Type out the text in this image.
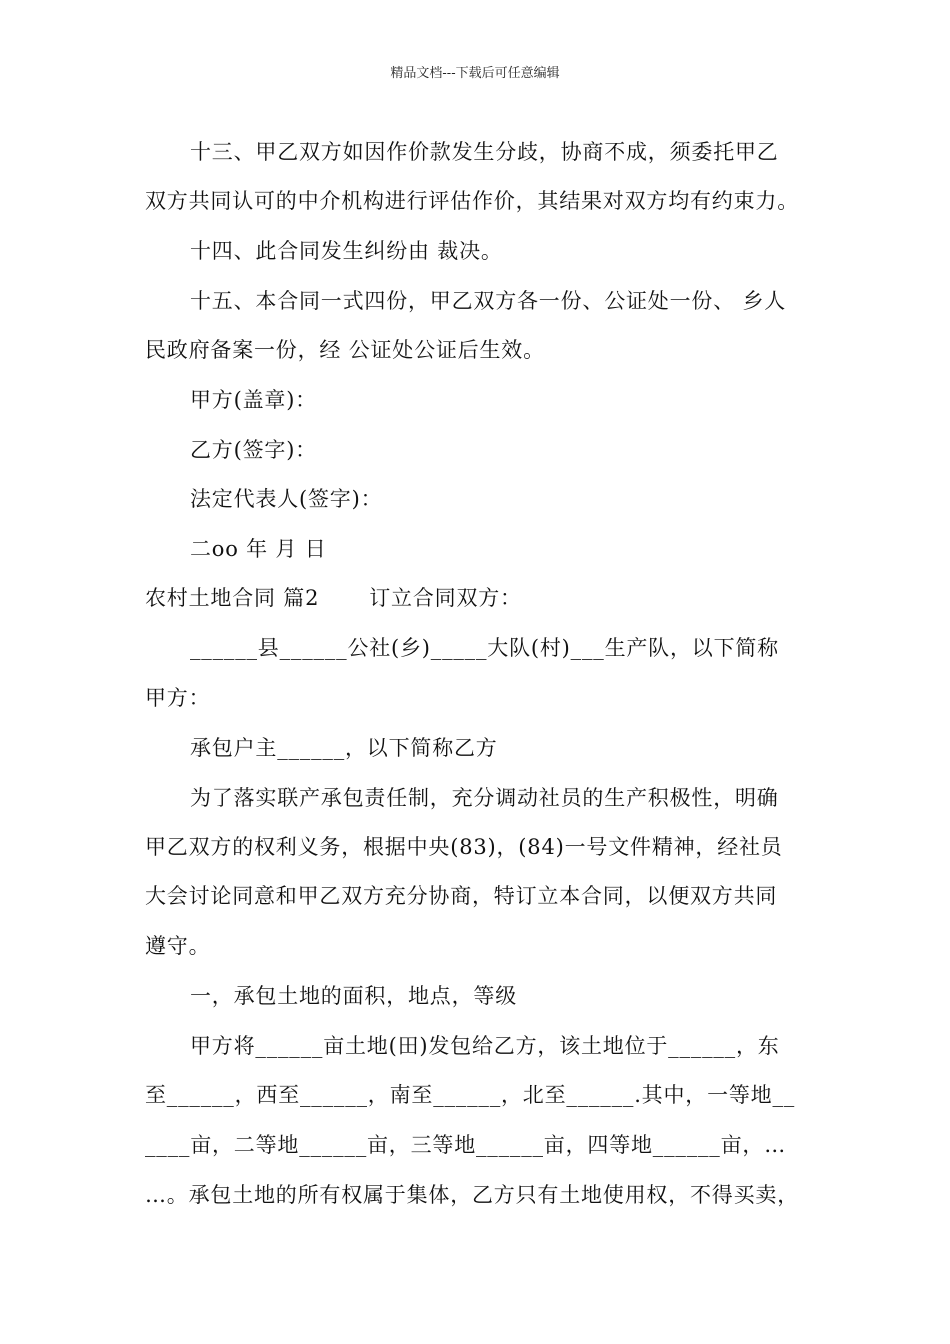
精品文档---下载后可任意编辑
十三、甲乙双方如因作价款发生分歧，协商不成，须委托甲乙
双方共同认可的中介机构进行评估作价，其结果对双方均有约束力。
十四、此合同发生纠纷由 裁决。
十五、本合同一式四份，甲乙双方各一份、公证处一份、 乡人
民政府备案一份，经 公证处公证后生效。
甲方(盖章)：
乙方(签字)：
法定代表人(签字)：
二oo 年 月 日
农村土地合同 篇2 订立合同双方：
______县______公社(乡)_____大队(村)___生产队，以下简称
甲方：
承包户主______，以下简称乙方
为了落实联产承包责任制，充分调动社员的生产积极性，明确
甲乙双方的权利义务，根据中央(83)，(84)一号文件精神，经社员
大会讨论同意和甲乙双方充分协商，特订立本合同，以便双方共同
遵守。
一，承包土地的面积，地点，等级
甲方将______亩土地(田)发包给乙方，该土地位于______，东
至______，西至______，南至______，北至______.其中，一等地__
____亩，二等地______亩，三等地______亩，四等地______亩，…
…。承包土地的所有权属于集体，乙方只有土地使用权，不得买卖，
